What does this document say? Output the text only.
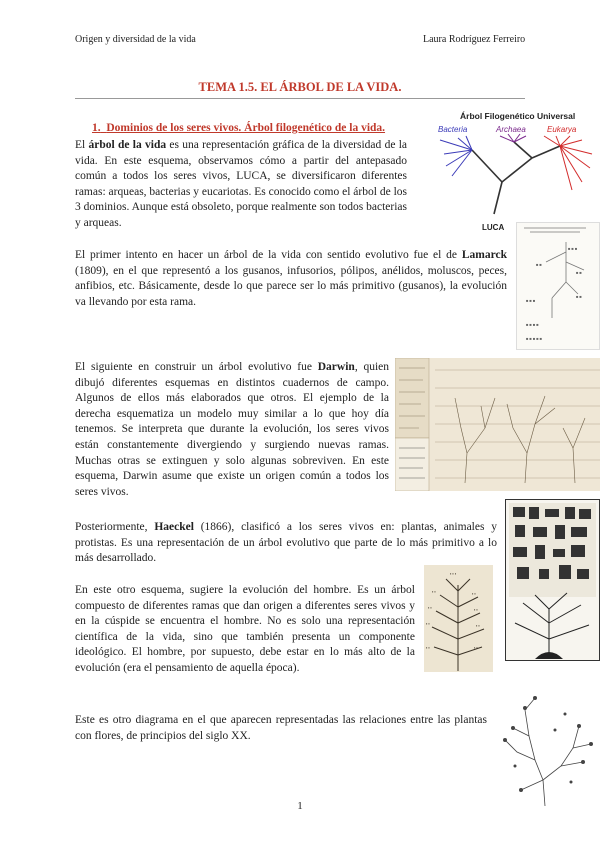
Origen y diversidad de la vida	Laura Rodríguez Ferreiro
TEMA 1.5. EL ÁRBOL DE LA VIDA.
1. Dominios de los seres vivos. Árbol filogenético de la vida.
El árbol de la vida es una representación gráfica de la diversidad de la vida. En este esquema, observamos cómo a partir del antepasado común a todos los seres vivos, LUCA, se diversificaron diferentes ramas: arqueas, bacterias y eucariotas. Es conocido como el árbol de los 3 dominios. Aunque está obsoleto, porque realmente son todos bacterias y arqueas.
El primer intento en hacer un árbol de la vida con sentido evolutivo fue el de Lamarck (1809), en el que representó a los gusanos, infusorios, pólipos, anélidos, moluscos, peces, anfibios, etc. Básicamente, desde lo que parece ser lo más primitivo (gusanos), la evolución va llevando por esta rama.
El siguiente en construir un árbol evolutivo fue Darwin, quien dibujó diferentes esquemas en distintos cuadernos de campo. Algunos de ellos más elaborados que otros. El ejemplo de la derecha esquematiza un modelo muy similar a lo que hoy día tenemos. Se interpreta que durante la evolución, los seres vivos están constantemente divergiendo y surgiendo nuevas ramas. Muchas otras se extinguen y solo algunas sobreviven. En este esquema, Darwin asume que existe un origen común a todos los seres vivos.
Posteriormente, Haeckel (1866), clasificó a los seres vivos en: plantas, animales y protistas. Es una representación de un árbol evolutivo que parte de lo más primitivo a lo más desarrollado.
En este otro esquema, sugiere la evolución del hombre. Es un árbol compuesto de diferentes ramas que dan origen a diferentes seres vivos y en la cúspide se encuentra el hombre. No es solo una representación científica de la vida, sino que también presenta un componente ideológico. El hombre, por supuesto, debe estar en lo más alto de la evolución (era el pensamiento de aquella época).
Este es otro diagrama en el que aparecen representadas las relaciones entre las plantas con flores, de principios del siglo XX.
1
Árbol Filogenético Universal
Bacteria	Archaea	Eukarya
LUCA
■ ■ ■
■ ■
■ ■
■ ■ ■
■ ■
■ ■ ■ ■
■ ■ ■ ■ ■
▪ ▪	▪ ▪
▪ ▪	▪ ▪
▪ ▪	▪ ▪
▪ ▪	▪ ▪
▪ ▪ ▪
